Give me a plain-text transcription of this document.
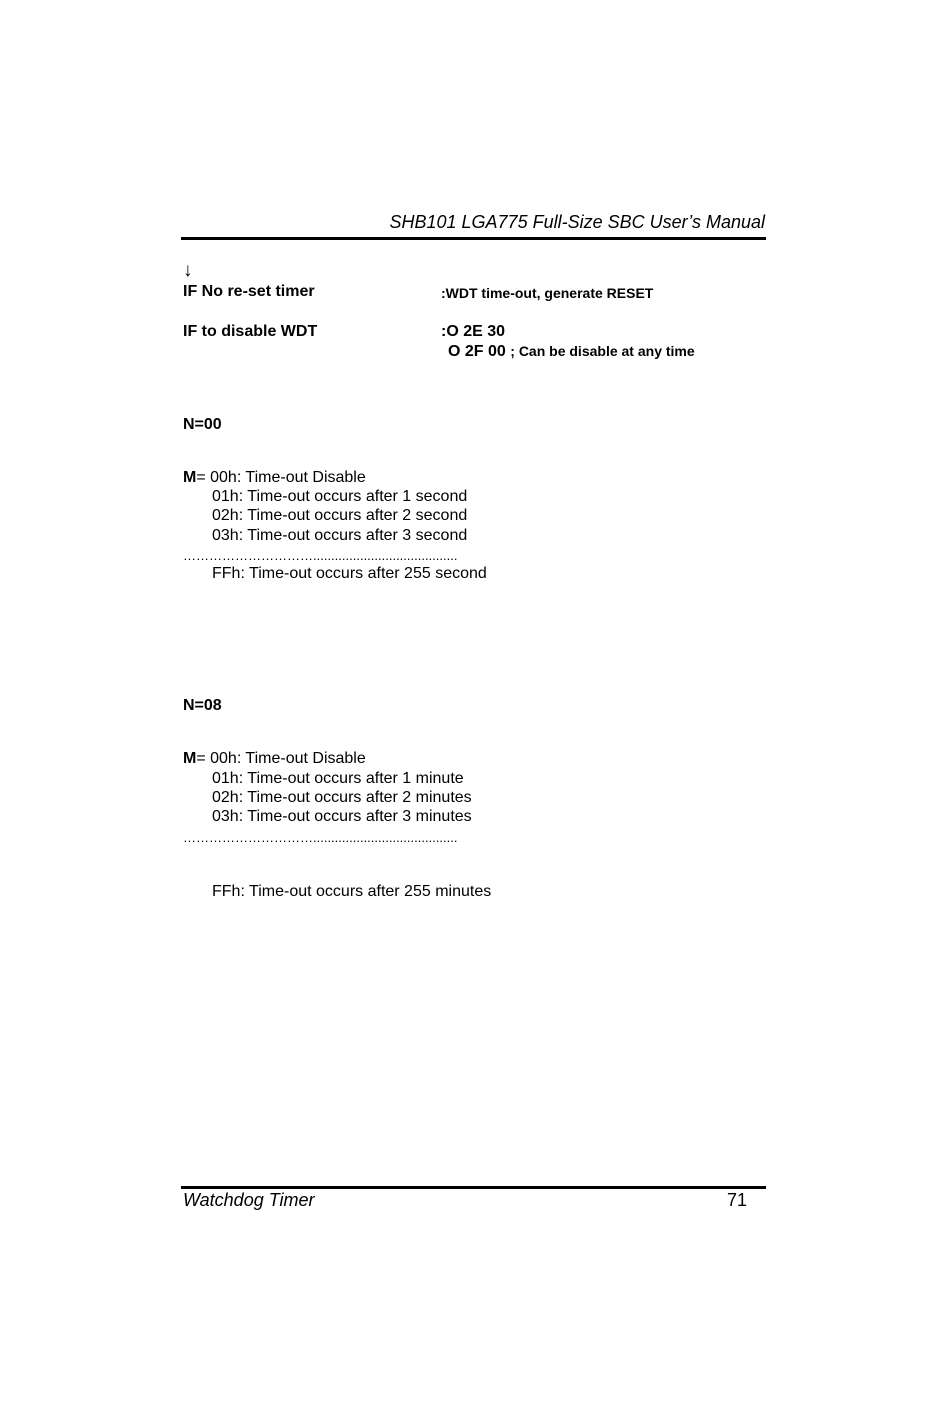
SHB101 LGA775 Full-Size SBC User’s Manual
↓
IF No re-set timer	:WDT time-out, generate RESET
IF to disable WDT	:O 2E 30
O 2F 00 ; Can be disable at any time
N=00
M= 00h: Time-out Disable
01h: Time-out occurs after 1 second
02h: Time-out occurs after 2 second
03h: Time-out occurs after 3 second
…………………………........................................
FFh: Time-out occurs after 255 second
N=08
M= 00h: Time-out Disable
01h: Time-out occurs after 1 minute
02h: Time-out occurs after 2 minutes
03h: Time-out occurs after 3 minutes
…………………………........................................
FFh: Time-out occurs after 255 minutes
Watchdog Timer	71
